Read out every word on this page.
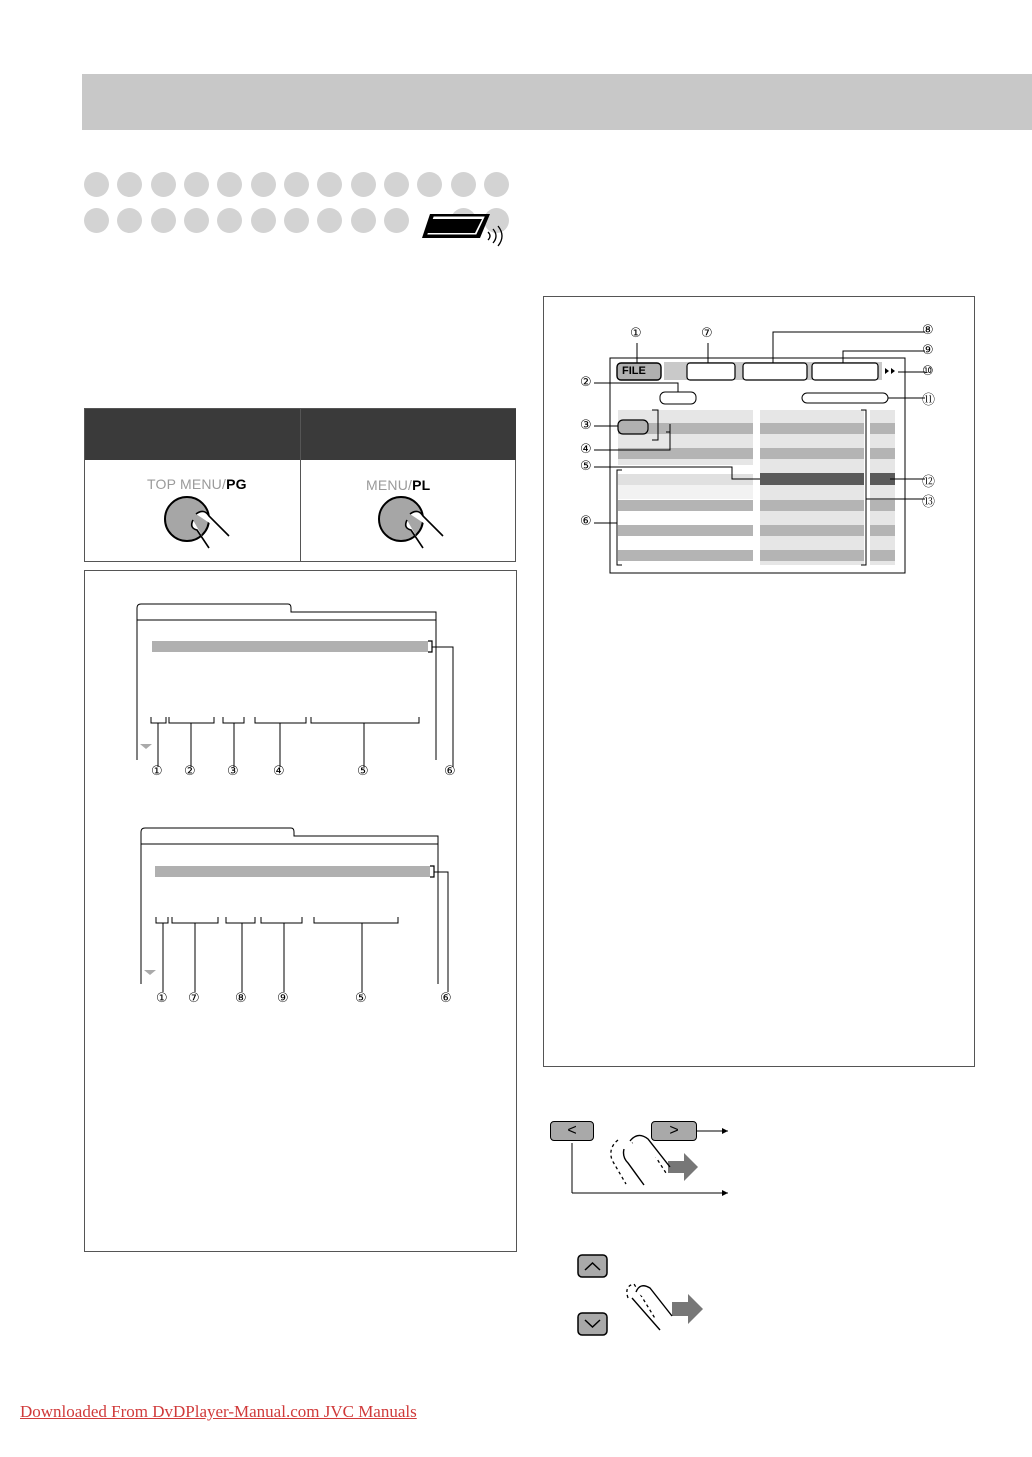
TOP MENU/PG	MENU/PL
① ② ③	④	⑤	⑥
① ⑦	⑧ ⑨	⑤	⑥
FILE
①	⑦	⑧
⑨
⑩
②
⑪
③
④
⑤
⑫
⑬
⑥
<	>
Downloaded From DvDPlayer-Manual.com JVC Manuals
